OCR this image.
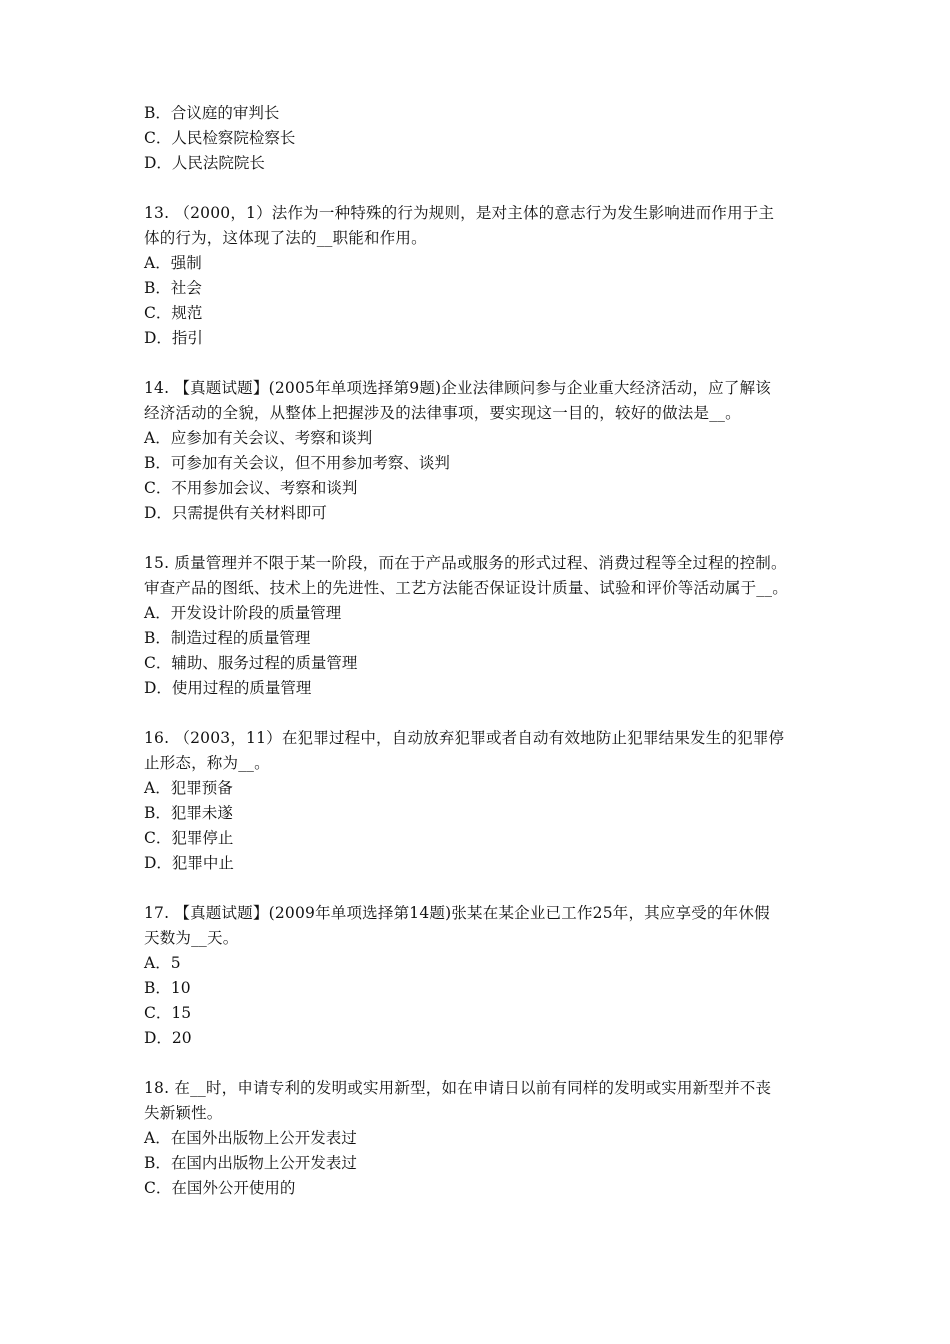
B．合议庭的审判长
C．人民检察院检察长
D．人民法院院长
13. （2000，1）法作为一种特殊的行为规则，是对主体的意志行为发生影响进而作用于主
体的行为，这体现了法的__职能和作用。
A．强制
B．社会
C．规范
D．指引
14. 【真题试题】(2005年单项选择第9题)企业法律顾问参与企业重大经济活动，应了解该
经济活动的全貌，从整体上把握涉及的法律事项，要实现这一目的，较好的做法是__。
A．应参加有关会议、考察和谈判
B．可参加有关会议，但不用参加考察、谈判
C．不用参加会议、考察和谈判
D．只需提供有关材料即可
15. 质量管理并不限于某一阶段，而在于产品或服务的形式过程、消费过程等全过程的控制。
审查产品的图纸、技术上的先进性、工艺方法能否保证设计质量、试验和评价等活动属于__。
A．开发设计阶段的质量管理
B．制造过程的质量管理
C．辅助、服务过程的质量管理
D．使用过程的质量管理
16. （2003，11）在犯罪过程中，自动放弃犯罪或者自动有效地防止犯罪结果发生的犯罪停
止形态，称为__。
A．犯罪预备
B．犯罪未遂
C．犯罪停止
D．犯罪中止
17. 【真题试题】(2009年单项选择第14题)张某在某企业已工作25年，其应享受的年休假
天数为__天。
A．5
B．10
C．15
D．20
18. 在__时，申请专利的发明或实用新型，如在申请日以前有同样的发明或实用新型并不丧
失新颖性。
A．在国外出版物上公开发表过
B．在国内出版物上公开发表过
C．在国外公开使用的
